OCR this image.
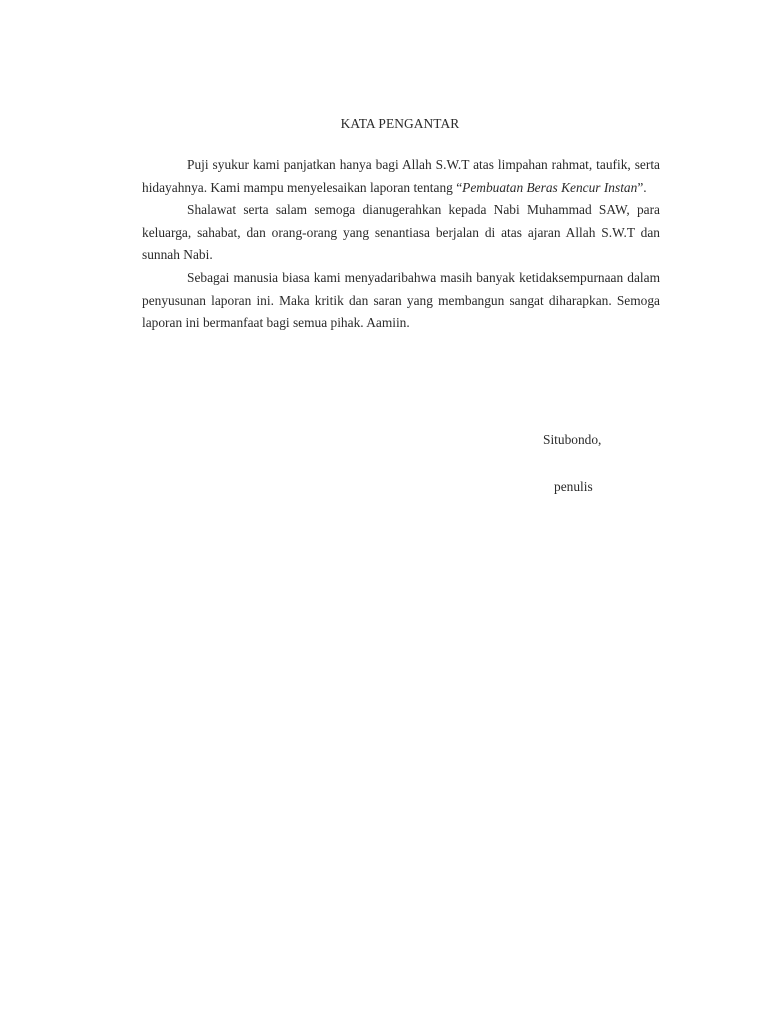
KATA PENGANTAR

Puji syukur kami panjatkan hanya bagi Allah S.W.T atas limpahan rahmat, taufik, serta hidayahnya. Kami mampu menyelesaikan laporan tentang “Pembuatan Beras Kencur Instan”.

Shalawat serta salam semoga dianugerahkan kepada Nabi Muhammad SAW, para keluarga, sahabat, dan orang-orang yang senantiasa berjalan di atas ajaran Allah S.W.T dan sunnah Nabi.

Sebagai manusia biasa kami menyadaribahwa masih banyak ketidaksempurnaan dalam penyusunan laporan ini. Maka kritik dan saran yang membangun sangat diharapkan. Semoga laporan ini bermanfaat bagi semua pihak. Aamiin.

Situbondo,
penulis
